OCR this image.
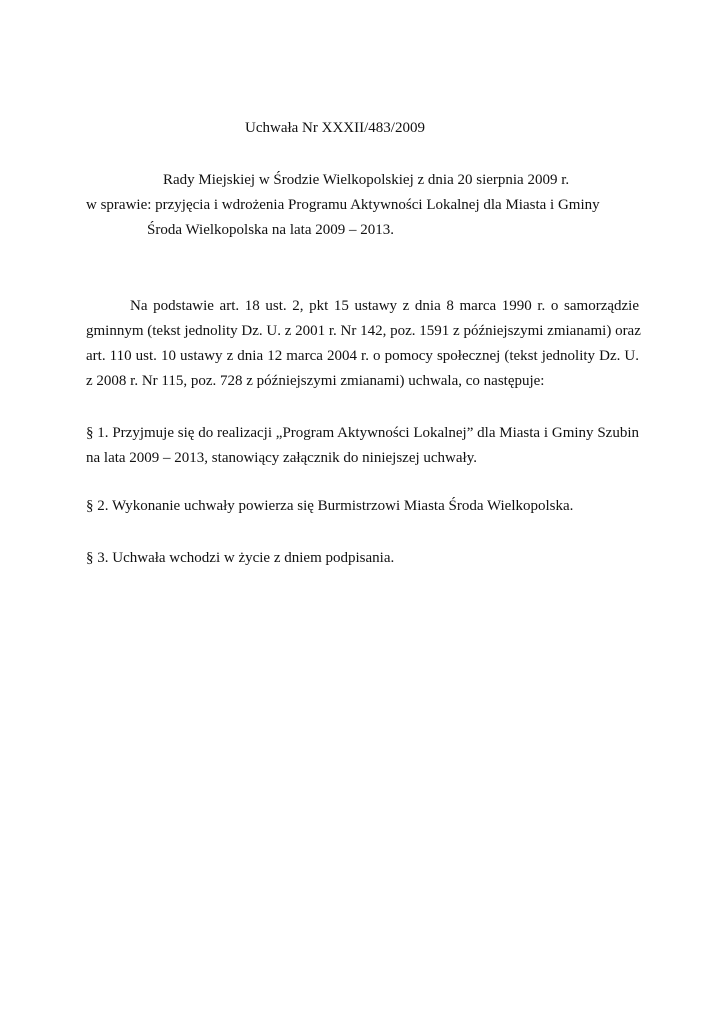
Uchwała Nr XXXII/483/2009
Rady Miejskiej w Środzie Wielkopolskiej z dnia 20 sierpnia 2009 r.
w sprawie: przyjęcia i wdrożenia Programu Aktywności Lokalnej dla Miasta i Gminy
Środa Wielkopolska na lata 2009 – 2013.
Na podstawie art. 18 ust. 2, pkt 15 ustawy z dnia 8 marca 1990 r. o samorządzie
gminnym (tekst jednolity Dz. U. z 2001 r. Nr 142, poz. 1591 z późniejszymi zmianami) oraz
art. 110 ust. 10 ustawy z dnia 12 marca 2004 r. o pomocy społecznej (tekst jednolity Dz. U.
z 2008 r. Nr 115, poz. 728 z późniejszymi zmianami) uchwala, co następuje:
§ 1. Przyjmuje się do realizacji „Program Aktywności Lokalnej” dla Miasta i Gminy Szubin
na lata 2009 – 2013, stanowiący załącznik do niniejszej uchwały.
§ 2. Wykonanie uchwały powierza się Burmistrzowi Miasta Środa Wielkopolska.
§ 3. Uchwała wchodzi w życie z dniem podpisania.
